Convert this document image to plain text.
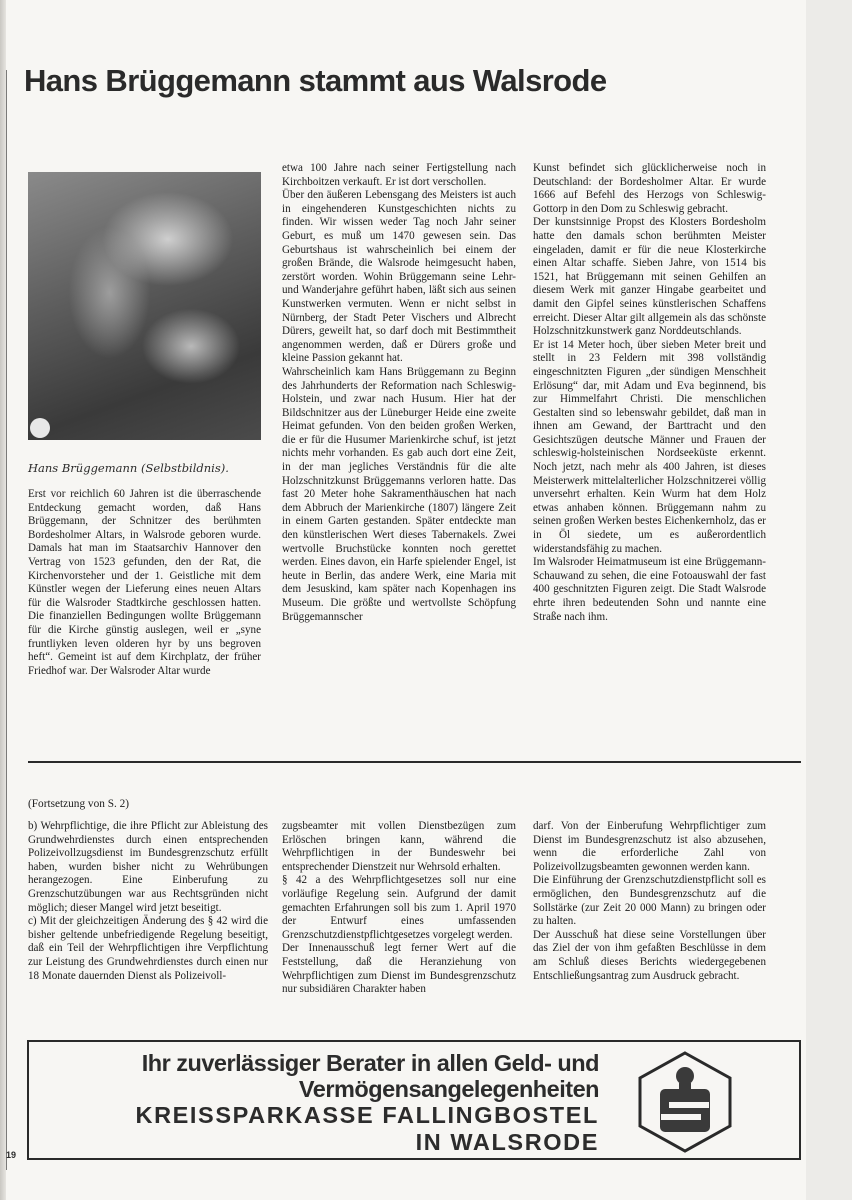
Hans Brüggemann stammt aus Walsrode
Hans Brüggemann (Selbstbildnis).

Erst vor reichlich 60 Jahren ist die überraschende Entdeckung gemacht worden, daß Hans Brüggemann, der Schnitzer des berühmten Bordesholmer Altars, in Walsrode geboren wurde. Damals hat man im Staatsarchiv Hannover den Vertrag von 1523 gefunden, den der Rat, die Kirchenvorsteher und der 1. Geistliche mit dem Künstler wegen der Lieferung eines neuen Altars für die Walsroder Stadtkirche geschlossen hatten. Die finanziellen Bedingungen wollte Brüggemann für die Kirche günstig auslegen, weil er „syne fruntliyken leven olderen hyr by uns begroven heft“. Gemeint ist auf dem Kirchplatz, der früher Friedhof war. Der Walsroder Altar wurde

etwa 100 Jahre nach seiner Fertigstellung nach Kirchboitzen verkauft. Er ist dort verschollen.

Über den äußeren Lebensgang des Meisters ist auch in eingehenderen Kunstgeschichten nichts zu finden. Wir wissen weder Tag noch Jahr seiner Geburt, es muß um 1470 gewesen sein. Das Geburtshaus ist wahrscheinlich bei einem der großen Brände, die Walsrode heimgesucht haben, zerstört worden. Wohin Brüggemann seine Lehr- und Wanderjahre geführt haben, läßt sich aus seinen Kunstwerken vermuten. Wenn er nicht selbst in Nürnberg, der Stadt Peter Vischers und Albrecht Dürers, geweilt hat, so darf doch mit Bestimmtheit angenommen werden, daß er Dürers große und kleine Passion gekannt hat.

Wahrscheinlich kam Hans Brüggemann zu Beginn des Jahrhunderts der Reformation nach Schleswig-Holstein, und zwar nach Husum. Hier hat der Bildschnitzer aus der Lüneburger Heide eine zweite Heimat gefunden. Von den beiden großen Werken, die er für die Husumer Marienkirche schuf, ist jetzt nichts mehr vorhanden. Es gab auch dort eine Zeit, in der man jegliches Verständnis für die alte Holzschnitzkunst Brüggemanns verloren hatte. Das fast 20 Meter hohe Sakramenthäuschen hat nach dem Abbruch der Marienkirche (1807) längere Zeit in einem Garten gestanden. Später entdeckte man den künstlerischen Wert dieses Tabernakels. Zwei wertvolle Bruchstücke konnten noch gerettet werden. Eines davon, ein Harfe spielender Engel, ist heute in Berlin, das andere Werk, eine Maria mit dem Jesuskind, kam später nach Kopenhagen ins Museum. Die größte und wertvollste Schöpfung Brüggemannscher

Kunst befindet sich glücklicherweise noch in Deutschland: der Bordesholmer Altar. Er wurde 1666 auf Befehl des Herzogs von Schleswig-Gottorp in den Dom zu Schleswig gebracht.

Der kunstsinnige Propst des Klosters Bordesholm hatte den damals schon berühmten Meister eingeladen, damit er für die neue Klosterkirche einen Altar schaffe. Sieben Jahre, von 1514 bis 1521, hat Brüggemann mit seinen Gehilfen an diesem Werk mit ganzer Hingabe gearbeitet und damit den Gipfel seines künstlerischen Schaffens erreicht. Dieser Altar gilt allgemein als das schönste Holzschnitzkunstwerk ganz Norddeutschlands.

Er ist 14 Meter hoch, über sieben Meter breit und stellt in 23 Feldern mit 398 vollständig eingeschnitzten Figuren „der sündigen Menschheit Erlösung“ dar, mit Adam und Eva beginnend, bis zur Himmelfahrt Christi. Die menschlichen Gestalten sind so lebenswahr gebildet, daß man in ihnen am Gewand, der Barttracht und den Gesichtszügen deutsche Männer und Frauen der schleswig-holsteinischen Nordseeküste erkennt. Noch jetzt, nach mehr als 400 Jahren, ist dieses Meisterwerk mittelalterlicher Holzschnitzerei völlig unversehrt erhalten. Kein Wurm hat dem Holz etwas anhaben können. Brüggemann nahm zu seinen großen Werken bestes Eichenkernholz, das er in Öl siedete, um es außerordentlich widerstandsfähig zu machen.

Im Walsroder Heimatmuseum ist eine Brüggemann-Schauwand zu sehen, die eine Fotoauswahl der fast 400 geschnitzten Figuren zeigt. Die Stadt Walsrode ehrte ihren bedeutenden Sohn und nannte eine Straße nach ihm.

(Fortsetzung von S. 2)

b) Wehrpflichtige, die ihre Pflicht zur Ableistung des Grundwehrdienstes durch einen entsprechenden Polizeivollzugsdienst im Bundesgrenzschutz erfüllt haben, wurden bisher nicht zu Wehrübungen herangezogen. Eine Einberufung zu Grenzschutzübungen war aus Rechtsgründen nicht möglich; dieser Mangel wird jetzt beseitigt.

c) Mit der gleichzeitigen Änderung des § 42 wird die bisher geltende unbefriedigende Regelung beseitigt, daß ein Teil der Wehrpflichtigen ihre Verpflichtung zur Leistung des Grundwehrdienstes durch einen nur 18 Monate dauernden Dienst als Polizeivoll-

zugsbeamter mit vollen Dienstbezügen zum Erlöschen bringen kann, während die Wehrpflichtigen in der Bundeswehr bei entsprechender Dienstzeit nur Wehrsold erhalten.

§ 42 a des Wehrpflichtgesetzes soll nur eine vorläufige Regelung sein. Aufgrund der damit gemachten Erfahrungen soll bis zum 1. April 1970 der Entwurf eines umfassenden Grenzschutzdienstpflichtgesetzes vorgelegt werden.

Der Innenausschuß legt ferner Wert auf die Feststellung, daß die Heranziehung von Wehrpflichtigen zum Dienst im Bundesgrenzschutz nur subsidiären Charakter haben

darf. Von der Einberufung Wehrpflichtiger zum Dienst im Bundesgrenzschutz ist also abzusehen, wenn die erforderliche Zahl von Polizeivollzugsbeamten gewonnen werden kann.

Die Einführung der Grenzschutzdienstpflicht soll es ermöglichen, den Bundesgrenzschutz auf die Sollstärke (zur Zeit 20 000 Mann) zu bringen oder zu halten.

Der Ausschuß hat diese seine Vorstellungen über das Ziel der von ihm gefaßten Beschlüsse in dem am Schluß dieses Berichts wiedergegebenen Entschließungsantrag zum Ausdruck gebracht.

Ihr zuverlässiger Berater in allen Geld- und
Vermögensangelegenheiten
KREISSPARKASSE FALLINGBOSTEL
IN WALSRODE
19
